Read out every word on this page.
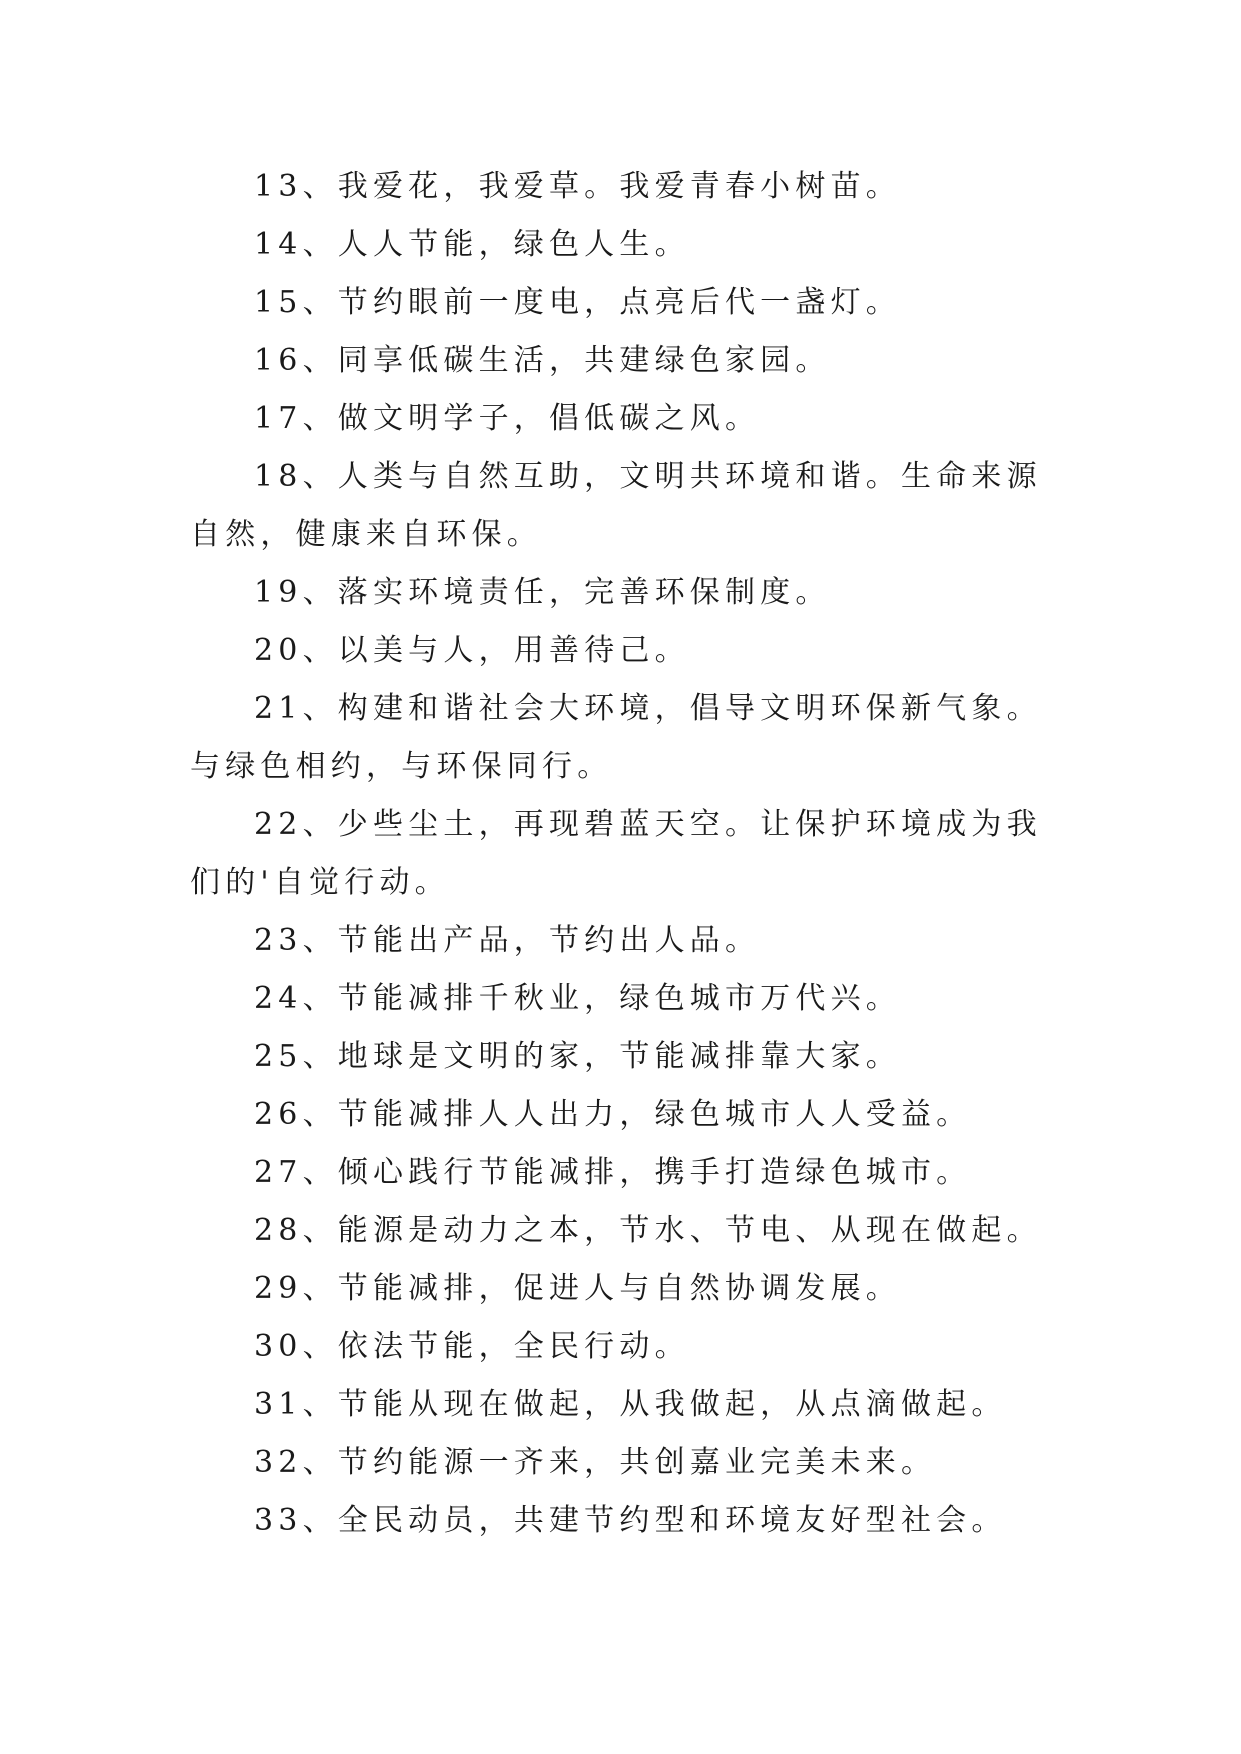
13、我爱花，我爱草。我爱青春小树苗。

14、人人节能，绿色人生。

15、节约眼前一度电，点亮后代一盏灯。

16、同享低碳生活，共建绿色家园。

17、做文明学子，倡低碳之风。

18、人类与自然互助，文明共环境和谐。生命来源自然，健康来自环保。

19、落实环境责任，完善环保制度。

20、以美与人，用善待己。

21、构建和谐社会大环境，倡导文明环保新气象。与绿色相约，与环保同行。

22、少些尘土，再现碧蓝天空。让保护环境成为我们的'自觉行动。

23、节能出产品，节约出人品。

24、节能减排千秋业，绿色城市万代兴。

25、地球是文明的家，节能减排靠大家。

26、节能减排人人出力，绿色城市人人受益。

27、倾心践行节能减排，携手打造绿色城市。

28、能源是动力之本，节水、节电、从现在做起。

29、节能减排，促进人与自然协调发展。

30、依法节能，全民行动。

31、节能从现在做起，从我做起，从点滴做起。

32、节约能源一齐来，共创嘉业完美未来。

33、全民动员，共建节约型和环境友好型社会。
